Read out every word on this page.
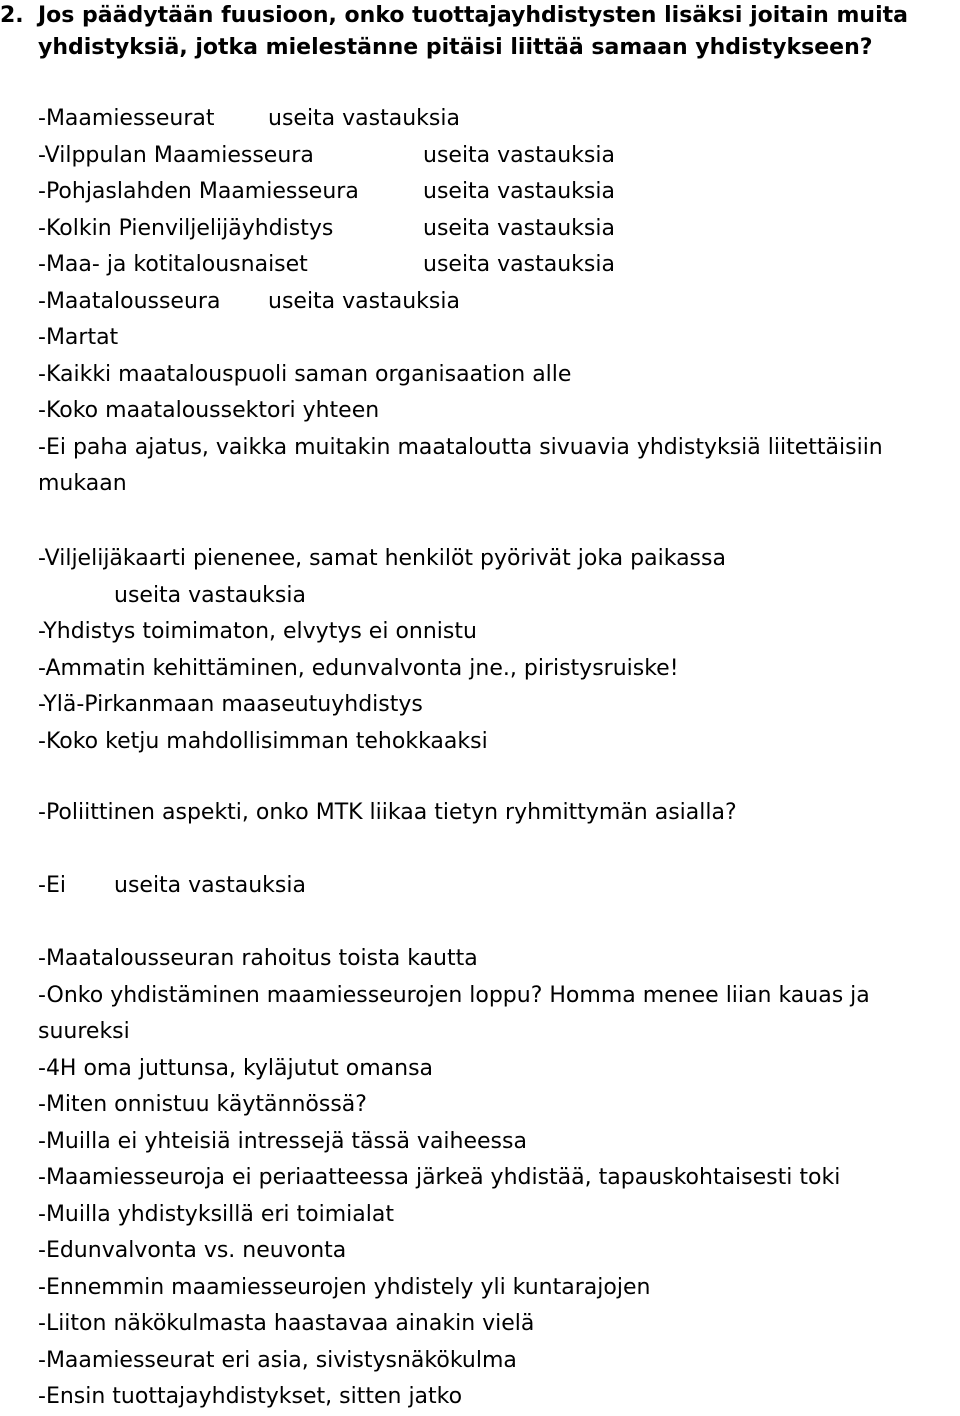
2. Jos päädytään fuusioon, onko tuottajayhdistysten lisäksi joitain muita
yhdistyksiä, jotka mielestänne pitäisi liittää samaan yhdistykseen?
-Maamiesseurat useita vastauksia
-Vilppulan Maamiesseura	useita vastauksia
-Pohjaslahden Maamiesseura	useita vastauksia
-Kolkin Pienviljelijäyhdistys	useita vastauksia
-Maa- ja kotitalousnaiset	useita vastauksia
-Maatalousseura useita vastauksia
-Martat
-Kaikki maatalouspuoli saman organisaation alle
-Koko maataloussektori yhteen
-Ei paha ajatus, vaikka muitakin maataloutta sivuavia yhdistyksiä liitettäisiin mukaan
-Viljelijäkaarti pienenee, samat henkilöt pyörivät joka paikassa
useita vastauksia
-Yhdistys toimimaton, elvytys ei onnistu
-Ammatin kehittäminen, edunvalvonta jne., piristysruiske!
-Ylä-Pirkanmaan maaseutuyhdistys
-Koko ketju mahdollisimman tehokkaaksi
-Poliittinen aspekti, onko MTK liikaa tietyn ryhmittymän asialla?
-Ei useita vastauksia
-Maatalousseuran rahoitus toista kautta
-Onko yhdistäminen maamiesseurojen loppu? Homma menee liian kauas ja suureksi
-4H oma juttunsa, kyläjutut omansa
-Miten onnistuu käytännössä?
-Muilla ei yhteisiä intressejä tässä vaiheessa
-Maamiesseuroja ei periaatteessa järkeä yhdistää, tapauskohtaisesti toki
-Muilla yhdistyksillä eri toimialat
-Edunvalvonta vs. neuvonta
-Ennemmin maamiesseurojen yhdistely yli kuntarajojen
-Liiton näkökulmasta haastavaa ainakin vielä
-Maamiesseurat eri asia, sivistysnäkökulma
-Ensin tuottajayhdistykset, sitten jatko
